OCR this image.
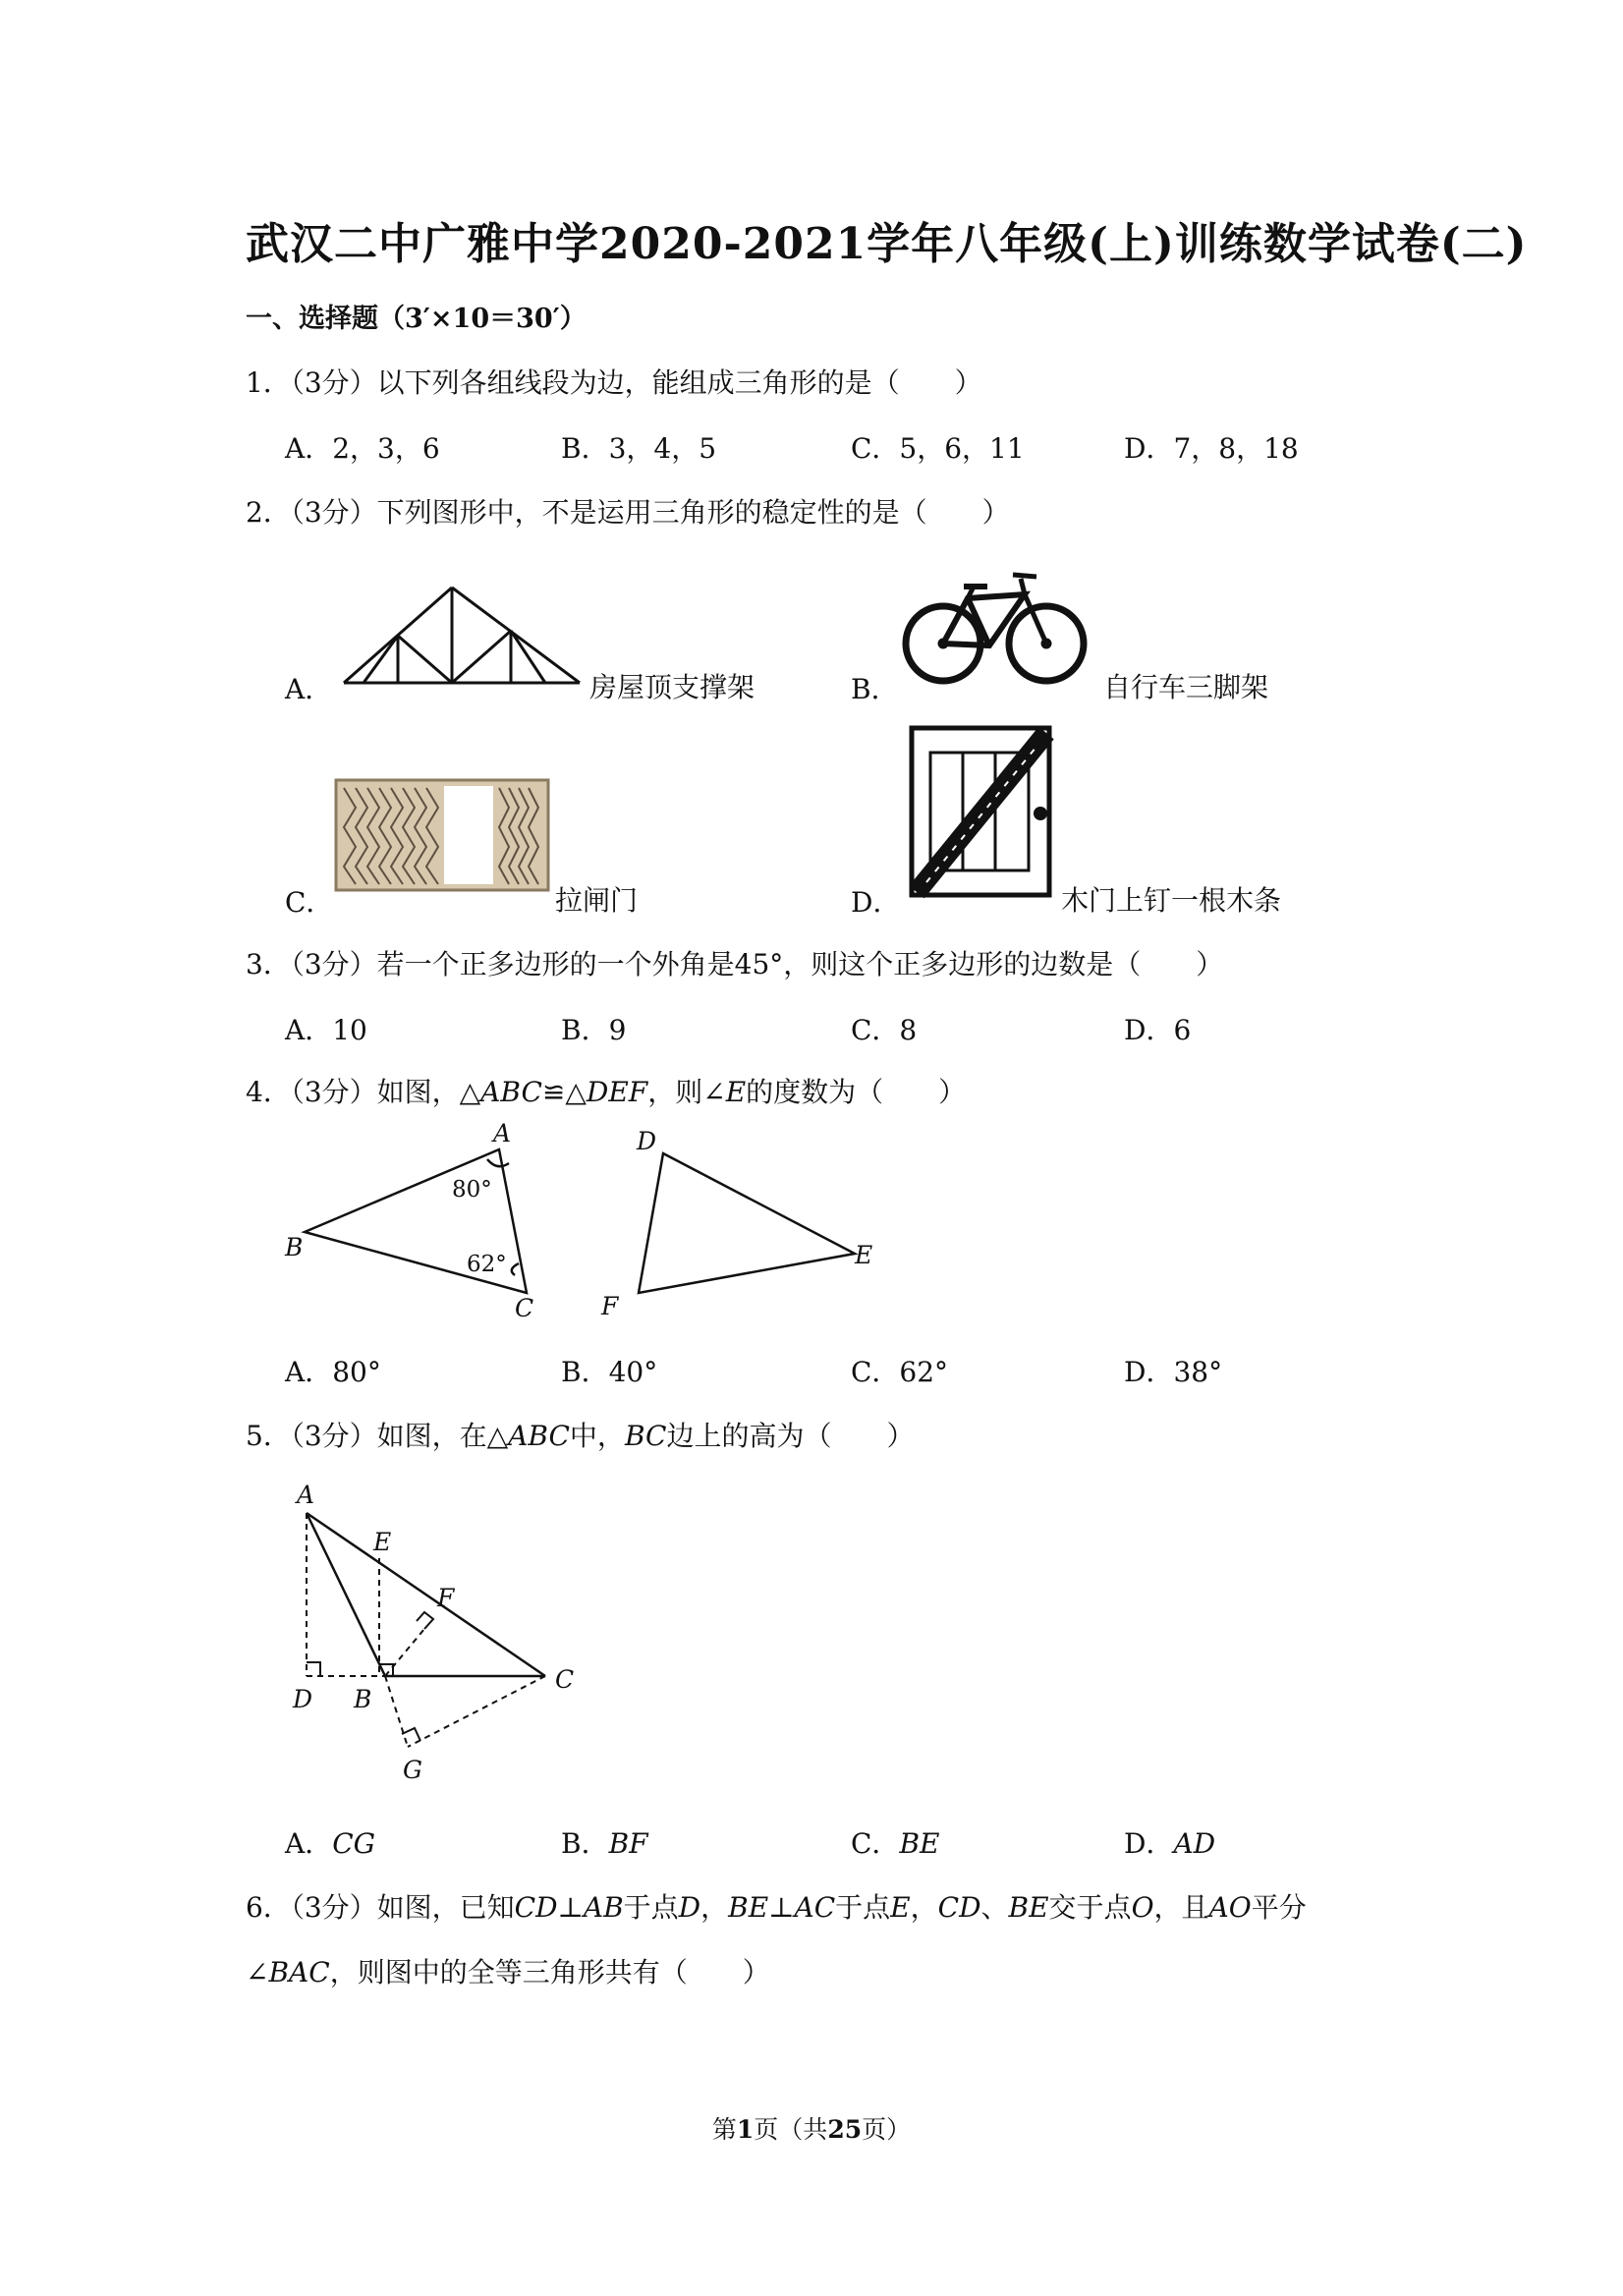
武汉二中广雅中学2020-2021学年八年级(上)训练数学试卷(二)
一、选择题（3′×10＝30′）
1．（3分）以下列各组线段为边，能组成三角形的是（　　）
A．2，3，6	B．3，4，5	C．5，6，11	D．7，8，18
2．（3分）下列图形中，不是运用三角形的稳定性的是（　　）
A．	房屋顶支撑架	B．	自行车三脚架
C．	拉闸门	D．	木门上钉一根木条
3．（3分）若一个正多边形的一个外角是45°，则这个正多边形的边数是（　　）
A．10	B．9	C．8	D．6
4．（3分）如图，△ABC≌△DEF，则∠E的度数为（　　）
A
B
C
D
E
F
80°
62°
A．80°	B．40°	C．62°	D．38°
5．（3分）如图，在△ABC中，BC边上的高为（　　）
A
E
F
D B
C
G
A．CG	B．BF	C．BE	D．AD
6．（3分）如图，已知CD⊥AB于点D，BE⊥AC于点E，CD、BE交于点O，且AO平分
∠BAC，则图中的全等三角形共有（　　）
第1页（共25页）
